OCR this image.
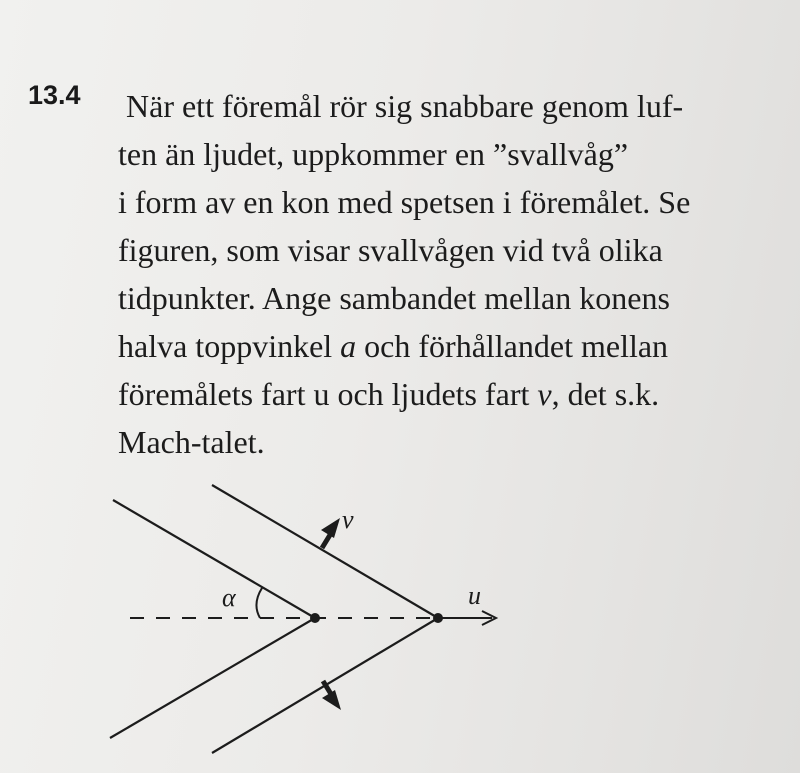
13.4 När ett föremål rör sig snabbare genom luf-
ten än ljudet, uppkommer en ”svallvåg”
i form av en kon med spetsen i föremålet. Se
figuren, som visar svallvågen vid två olika
tidpunkter. Ange sambandet mellan konens
halva toppvinkel a och förhållandet mellan
föremålets fart u och ljudets fart v, det s.k.
Mach-talet.
v
α	u
